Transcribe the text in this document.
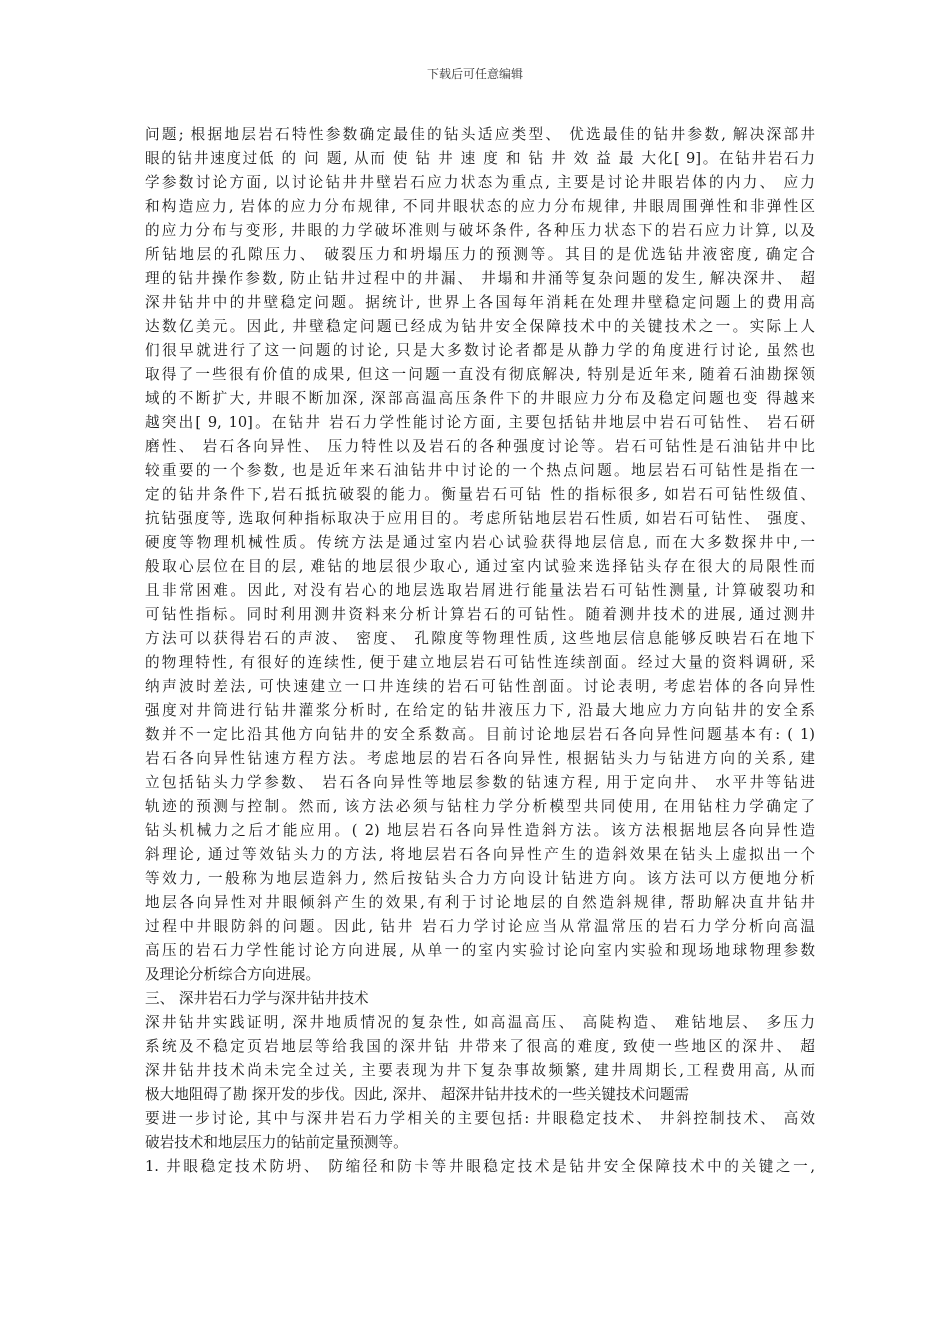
下载后可任意编辑
问题; 根据地层岩石特性参数确定最佳的钻头适应类型、 优选最佳的钻井参数, 解决深部井
眼的钻井速度过低 的 问 题, 从而 使 钻 井 速 度 和 钻 井 效 益 最 大化[ 9]。在钻井岩石力
学参数讨论方面, 以讨论钻井井壁岩石应力状态为重点, 主要是讨论井眼岩体的内力、 应力
和构造应力, 岩体的应力分布规律, 不同井眼状态的应力分布规律, 井眼周围弹性和非弹性区
的应力分布与变形, 井眼的力学破坏准则与破坏条件, 各种压力状态下的岩石应力计算, 以及
所钻地层的孔隙压力、 破裂压力和坍塌压力的预测等。其目的是优选钻井液密度, 确定合
理的钻井操作参数, 防止钻井过程中的井漏、 井塌和井涌等复杂问题的发生, 解决深井、 超
深井钻井中的井壁稳定问题。据统计, 世界上各国每年消耗在处理井壁稳定问题上的费用高
达数亿美元。因此, 井壁稳定问题已经成为钻井安全保障技术中的关键技术之一。实际上人
们很早就进行了这一问题的讨论, 只是大多数讨论者都是从静力学的角度进行讨论, 虽然也
取得了一些很有价值的成果, 但这一问题一直没有彻底解决, 特别是近年来, 随着石油勘探领
域的不断扩大, 井眼不断加深, 深部高温高压条件下的井眼应力分布及稳定问题也变 得越来
越突出[ 9, 10]。在钻井 岩石力学性能讨论方面, 主要包括钻井地层中岩石可钻性、 岩石研
磨性、 岩石各向异性、 压力特性以及岩石的各种强度讨论等。岩石可钻性是石油钻井中比
较重要的一个参数, 也是近年来石油钻井中讨论的一个热点问题。地层岩石可钻性是指在一
定的钻井条件下,岩石抵抗破裂的能力。衡量岩石可钻 性的指标很多, 如岩石可钻性级值、
抗钻强度等, 选取何种指标取决于应用目的。考虑所钻地层岩石性质, 如岩石可钻性、 强度、
硬度等物理机械性质。传统方法是通过室内岩心试验获得地层信息, 而在大多数探井中,一
般取心层位在目的层, 难钻的地层很少取心, 通过室内试验来选择钻头存在很大的局限性而
且非常困难。因此, 对没有岩心的地层选取岩屑进行能量法岩石可钻性测量, 计算破裂功和
可钻性指标。同时利用测井资料来分析计算岩石的可钻性。随着测井技术的进展, 通过测井
方法可以获得岩石的声波、 密度、 孔隙度等物理性质, 这些地层信息能够反映岩石在地下
的物理特性, 有很好的连续性, 便于建立地层岩石可钻性连续剖面。经过大量的资料调研, 采
纳声波时差法, 可快速建立一口井连续的岩石可钻性剖面。讨论表明, 考虑岩体的各向异性
强度对井筒进行钻井灌浆分析时, 在给定的钻井液压力下, 沿最大地应力方向钻井的安全系
数并不一定比沿其他方向钻井的安全系数高。目前讨论地层岩石各向异性问题基本有: ( 1)
岩石各向异性钻速方程方法。考虑地层的岩石各向异性, 根据钻头力与钻进方向的关系, 建
立包括钻头力学参数、 岩石各向异性等地层参数的钻速方程, 用于定向井、 水平井等钻进
轨迹的预测与控制。然而, 该方法必须与钻柱力学分析模型共同使用, 在用钻柱力学确定了
钻头机械力之后才能应用。( 2) 地层岩石各向异性造斜方法。该方法根据地层各向异性造
斜理论, 通过等效钻头力的方法, 将地层岩石各向异性产生的造斜效果在钻头上虚拟出一个
等效力, 一般称为地层造斜力, 然后按钻头合力方向设计钻进方向。该方法可以方便地分析
地层各向异性对井眼倾斜产生的效果,有利于讨论地层的自然造斜规律, 帮助解决直井钻井
过程中井眼防斜的问题。因此, 钻井 岩石力学讨论应当从常温常压的岩石力学分析向高温
高压的岩石力学性能讨论方向进展, 从单一的室内实验讨论向室内实验和现场地球物理参数
及理论分析综合方向进展。
三、 深井岩石力学与深井钻井技术
深井钻井实践证明, 深井地质情况的复杂性, 如高温高压、 高陡构造、 难钻地层、 多压力
系统及不稳定页岩地层等给我国的深井钻 井带来了很高的难度, 致使一些地区的深井、 超
深井钻井技术尚未完全过关, 主要表现为井下复杂事故频繁, 建井周期长,工程费用高, 从而
极大地阻碍了勘 探开发的步伐。因此, 深井、 超深井钻井技术的一些关键技术问题需
要进一步讨论, 其中与深井岩石力学相关的主要包括: 井眼稳定技术、 井斜控制技术、 高效
破岩技术和地层压力的钻前定量预测等。
1. 井眼稳定技术防坍、 防缩径和防卡等井眼稳定技术是钻井安全保障技术中的关键之一,
